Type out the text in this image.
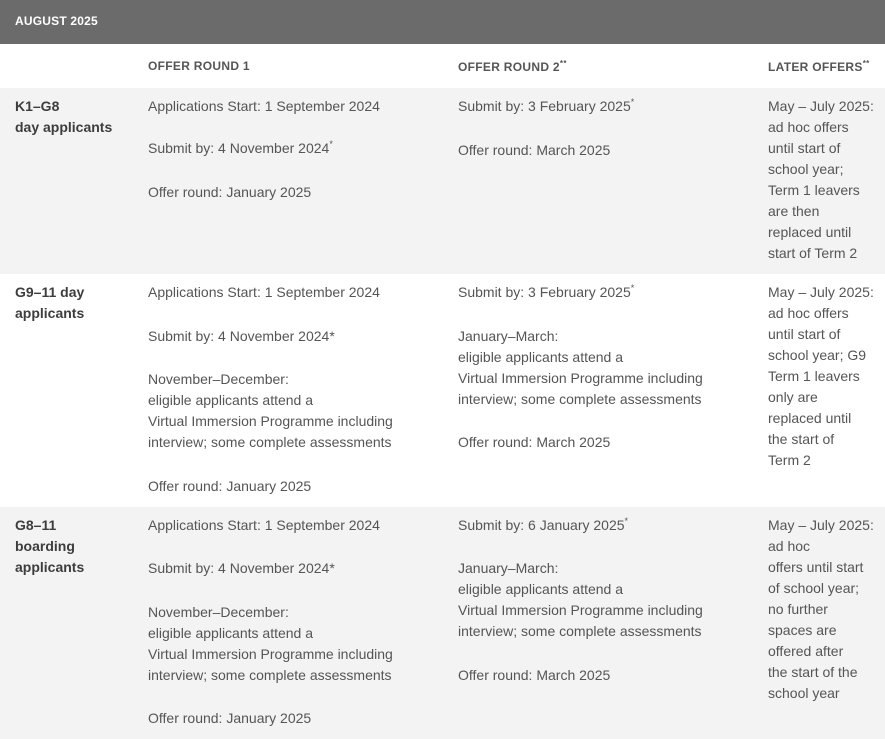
AUGUST 2025
OFFER ROUND 1	OFFER ROUND 2**	LATER OFFERS**

K1–G8

day applicants

Applications Start: 1 September 2024

Submit by: 4 November 2024*

Offer round: January 2025

Submit by: 3 February 2025*

Offer round: March 2025

May – July 2025:

ad hoc offers

until start of

school year;

Term 1 leavers

are then

replaced until

start of Term 2

G9–11 day

applicants

Applications Start: 1 September 2024

Submit by: 4 November 2024*

November–December:

eligible applicants attend a

Virtual Immersion Programme including

interview; some complete assessments

Offer round: January 2025

Submit by: 3 February 2025*

January–March:

eligible applicants attend a

Virtual Immersion Programme including

interview; some complete assessments

Offer round: March 2025

May – July 2025:

ad hoc offers

until start of

school year; G9

Term 1 leavers

only are

replaced until

the start of

Term 2

G8–11

boarding

applicants

Applications Start: 1 September 2024

Submit by: 4 November 2024*

November–December:

eligible applicants attend a

Virtual Immersion Programme including

interview; some complete assessments

Offer round: January 2025

Submit by: 6 January 2025*

January–March:

eligible applicants attend a

Virtual Immersion Programme including

interview; some complete assessments

Offer round: March 2025

May – July 2025:

ad hoc

offers until start

of school year;

no further

spaces are

offered after

the start of the

school year
